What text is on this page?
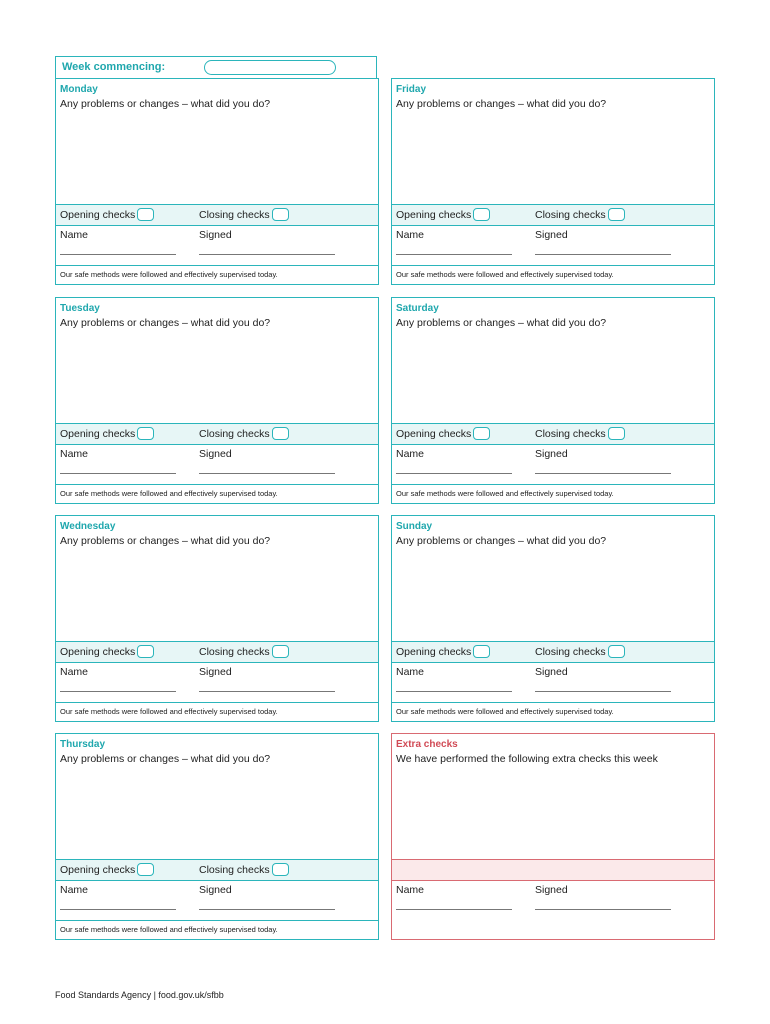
Week commencing:
Monday
Any problems or changes – what did you do?
Opening checks	Closing checks
Name	Signed
Our safe methods were followed and effectively supervised today.
Friday
Any problems or changes – what did you do?
Opening checks	Closing checks
Name	Signed
Our safe methods were followed and effectively supervised today.
Tuesday
Any problems or changes – what did you do?
Opening checks	Closing checks
Name	Signed
Our safe methods were followed and effectively supervised today.
Saturday
Any problems or changes – what did you do?
Opening checks	Closing checks
Name	Signed
Our safe methods were followed and effectively supervised today.
Wednesday
Any problems or changes – what did you do?
Opening checks	Closing checks
Name	Signed
Our safe methods were followed and effectively supervised today.
Sunday
Any problems or changes – what did you do?
Opening checks	Closing checks
Name	Signed
Our safe methods were followed and effectively supervised today.
Thursday
Any problems or changes – what did you do?
Opening checks	Closing checks
Name	Signed
Our safe methods were followed and effectively supervised today.
Extra checks
We have performed the following extra checks this week
Name	Signed
Food Standards Agency | food.gov.uk/sfbb
